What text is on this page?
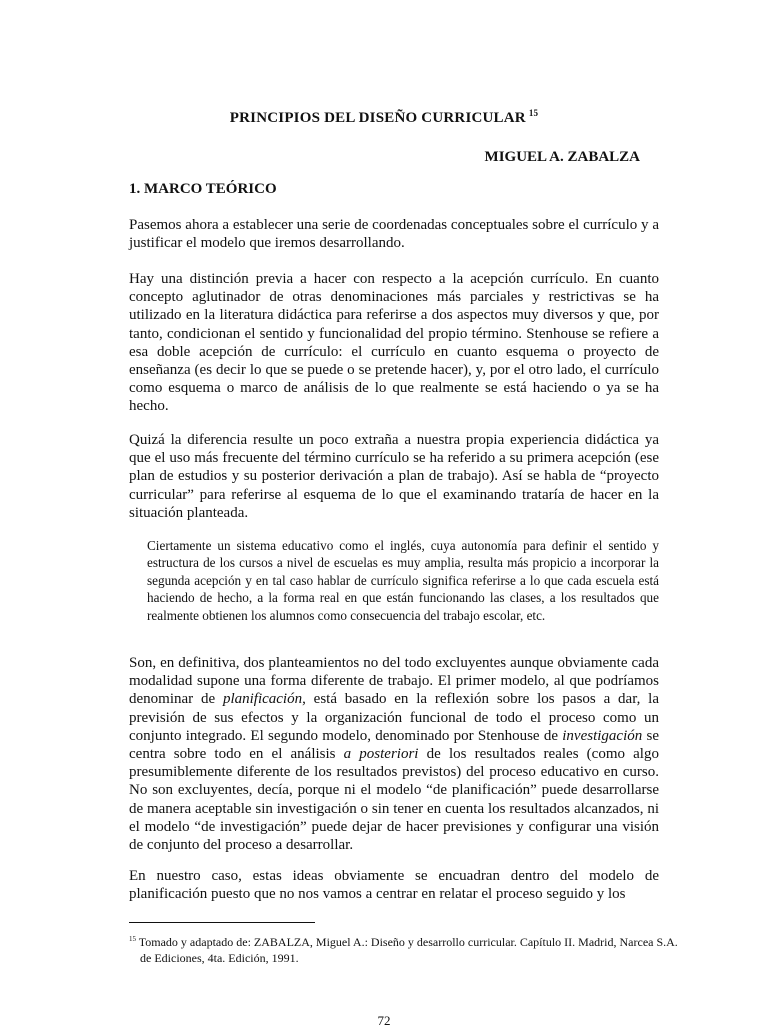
PRINCIPIOS DEL DISEÑO CURRICULAR $^{15}$
MIGUEL A. ZABALZA
1. MARCO TEÓRICO

Pasemos ahora a establecer una serie de coordenadas conceptuales sobre el currículo y a justificar el modelo que iremos desarrollando.

Hay una distinción previa a hacer con respecto a la acepción currículo. En cuanto concepto aglutinador de otras denominaciones más parciales y restrictivas se ha utilizado en la literatura didáctica para referirse a dos aspectos muy diversos y que, por tanto, condicionan el sentido y funcionalidad del propio término. Stenhouse se refiere a esa doble acepción de currículo: el currículo en cuanto esquema o proyecto de enseñanza (es decir lo que se puede o se pretende hacer), y, por el otro lado, el currículo como esquema o marco de análisis de lo que realmente se está haciendo o ya se ha hecho.

Quizá la diferencia resulte un poco extraña a nuestra propia experiencia didáctica ya que el uso más frecuente del término currículo se ha referido a su primera acepción (ese plan de estudios y su posterior derivación a plan de trabajo). Así se habla de “proyecto curricular” para referirse al esquema de lo que el examinando trataría de hacer en la situación planteada.

Ciertamente un sistema educativo como el inglés, cuya autonomía para definir el sentido y estructura de los cursos a nivel de escuelas es muy amplia, resulta más propicio a incorporar la segunda acepción y en tal caso hablar de currículo significa referirse a lo que cada escuela está haciendo de hecho, a la forma real en que están funcionando las clases, a los resultados que realmente obtienen los alumnos como consecuencia del trabajo escolar, etc.

Son, en definitiva, dos planteamientos no del todo excluyentes aunque obviamente cada modalidad supone una forma diferente de trabajo. El primer modelo, al que podríamos denominar de planificación, está basado en la reflexión sobre los pasos a dar, la previsión de sus efectos y la organización funcional de todo el proceso como un conjunto integrado. El segundo modelo, denominado por Stenhouse de investigación se centra sobre todo en el análisis a posteriori de los resultados reales (como algo presumiblemente diferente de los resultados previstos) del proceso educativo en curso. No son excluyentes, decía, porque ni el modelo “de planificación” puede desarrollarse de manera aceptable sin investigación o sin tener en cuenta los resultados alcanzados, ni el modelo “de investigación” puede dejar de hacer previsiones y configurar una visión de conjunto del proceso a desarrollar.

En nuestro caso, estas ideas obviamente se encuadran dentro del modelo de planificación puesto que no nos vamos a centrar en relatar el proceso seguido y los

$^{15}$ Tomado y adaptado de: ZABALZA, Miguel A.: Diseño y desarrollo curricular. Capítulo II. Madrid, Narcea S.A. de Ediciones, 4ta. Edición, 1991.

72
